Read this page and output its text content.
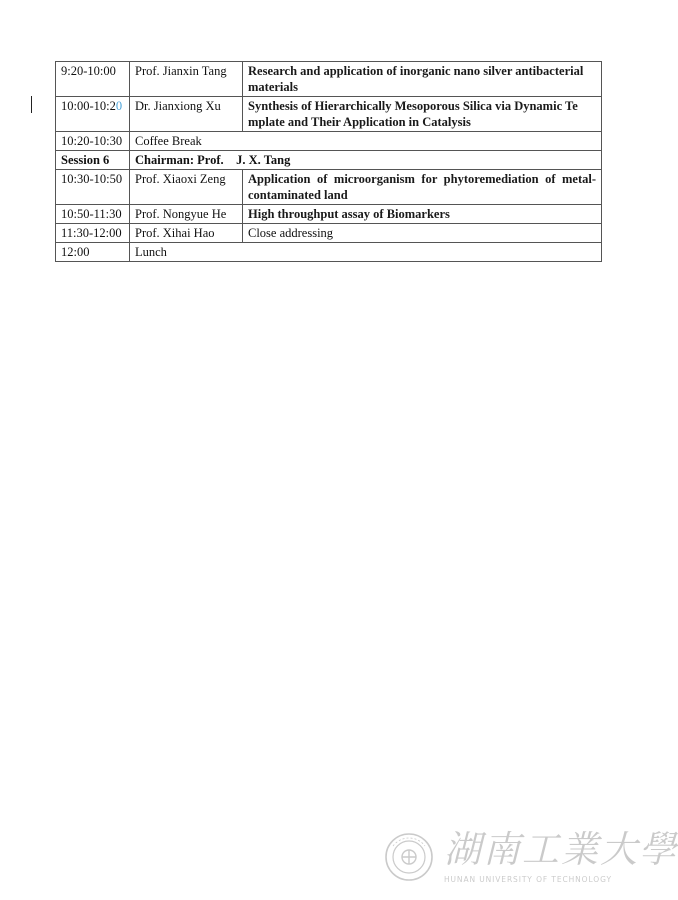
9:20-10:00	Prof. Jianxin Tang	Research and application of inorganic nano silver antibacterial materials
10:00-10:20	Dr. Jianxiong Xu	Synthesis of Hierarchically Mesoporous Silica via Dynamic Te mplate and Their Application in Catalysis
10:20-10:30	Coffee Break	
Session 6	Chairman: Prof.    J. X. Tang	
10:30-10:50	Prof. Xiaoxi Zeng	Application of microorganism for phytoremediation of metal-contaminated land
10:50-11:30	Prof. Nongyue He	High throughput assay of Biomarkers
11:30-12:00	Prof. Xihai Hao	Close addressing
12:00	Lunch	
湖南工業大學
HUNAN UNIVERSITY OF TECHNOLOGY
